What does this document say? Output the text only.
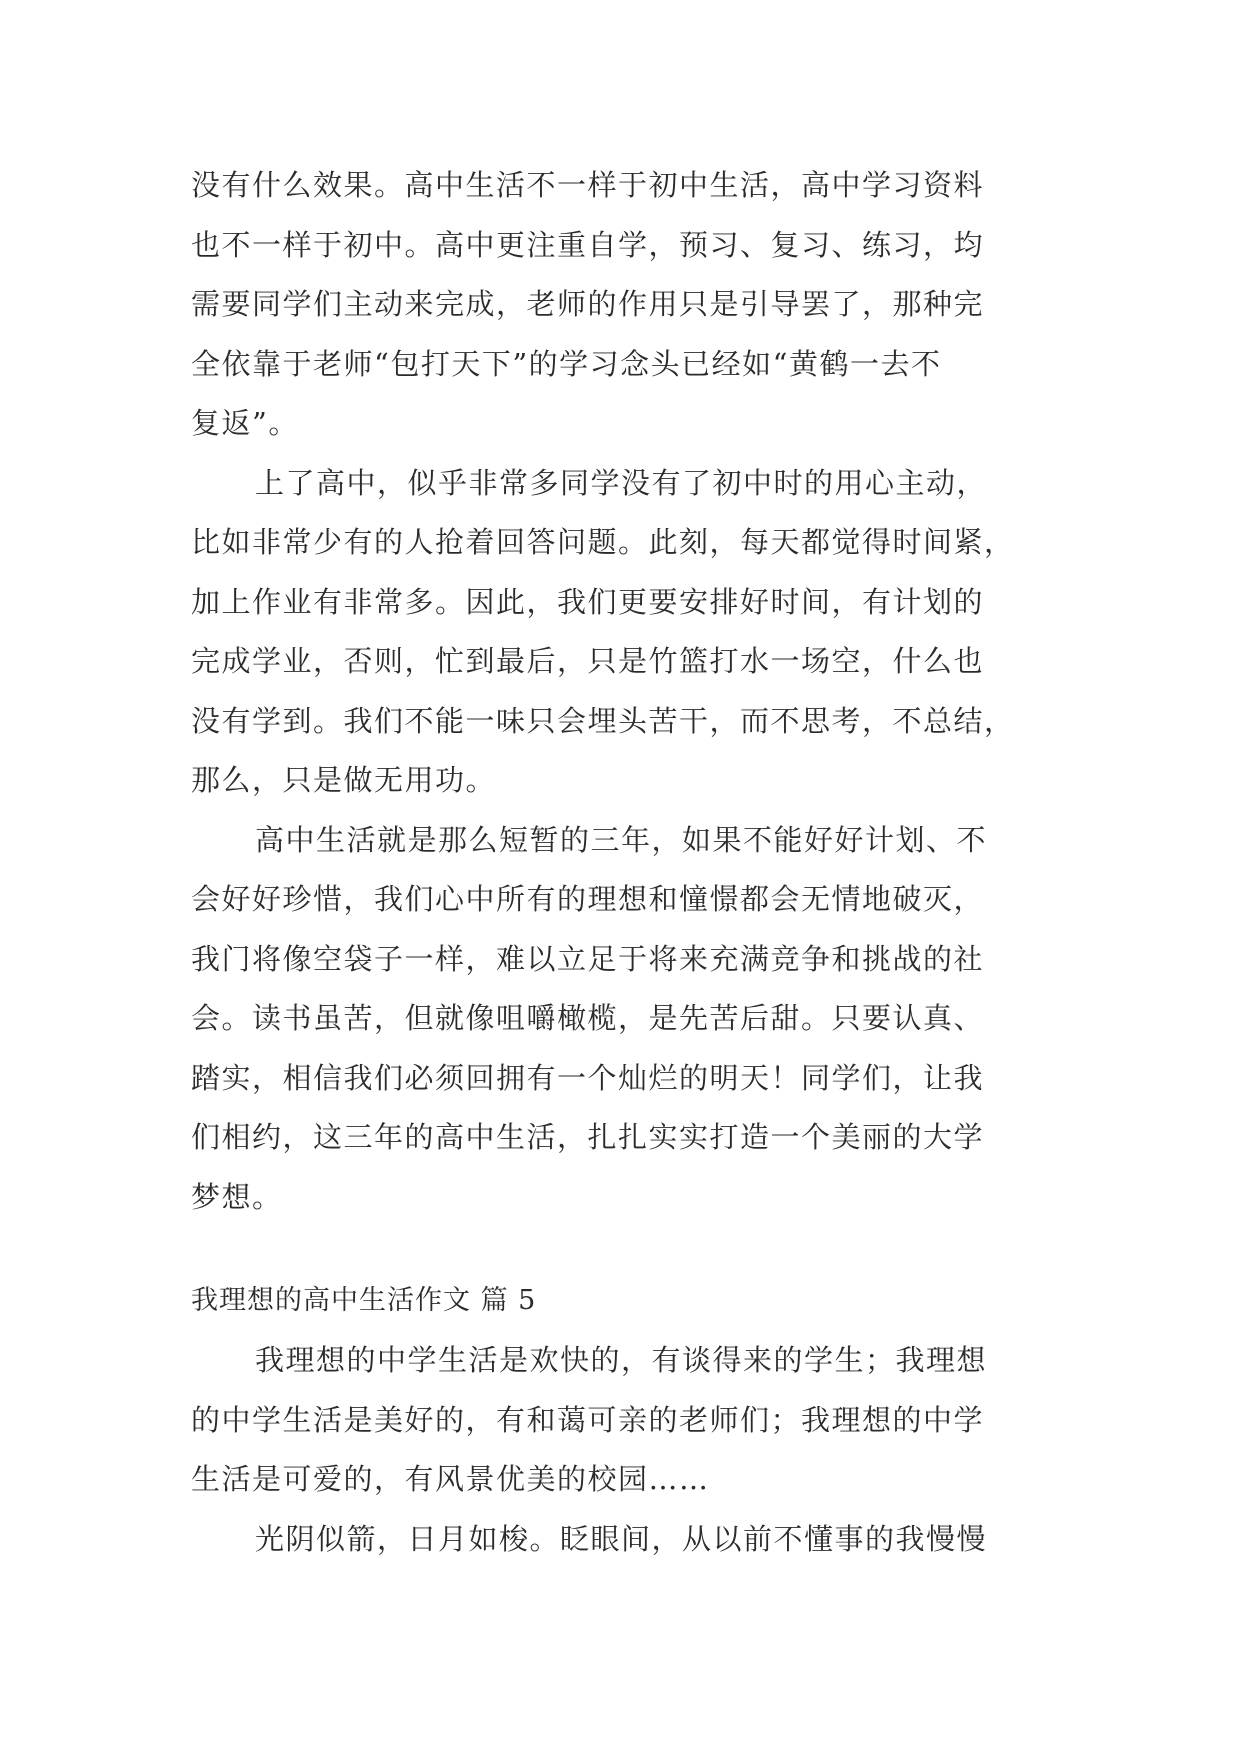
没有什么效果。高中生活不一样于初中生活，高中学习资料
也不一样于初中。高中更注重自学，预习、复习、练习，均
需要同学们主动来完成，老师的作用只是引导罢了，那种完
全依靠于老师“包打天下”的学习念头已经如“黄鹤一去不
复返”。
上了高中，似乎非常多同学没有了初中时的用心主动，
比如非常少有的人抢着回答问题。此刻，每天都觉得时间紧，
加上作业有非常多。因此，我们更要安排好时间，有计划的
完成学业，否则，忙到最后，只是竹篮打水一场空，什么也
没有学到。我们不能一味只会埋头苦干，而不思考，不总结，
那么，只是做无用功。
高中生活就是那么短暂的三年，如果不能好好计划、不
会好好珍惜，我们心中所有的理想和憧憬都会无情地破灭，
我门将像空袋子一样，难以立足于将来充满竞争和挑战的社
会。读书虽苦，但就像咀嚼橄榄，是先苦后甜。只要认真、
踏实，相信我们必须回拥有一个灿烂的明天！同学们，让我
们相约，这三年的高中生活，扎扎实实打造一个美丽的大学
梦想。
我理想的高中生活作文 篇 5
我理想的中学生活是欢快的，有谈得来的学生；我理想
的中学生活是美好的，有和蔼可亲的老师们；我理想的中学
生活是可爱的，有风景优美的校园……
光阴似箭，日月如梭。眨眼间，从以前不懂事的我慢慢
